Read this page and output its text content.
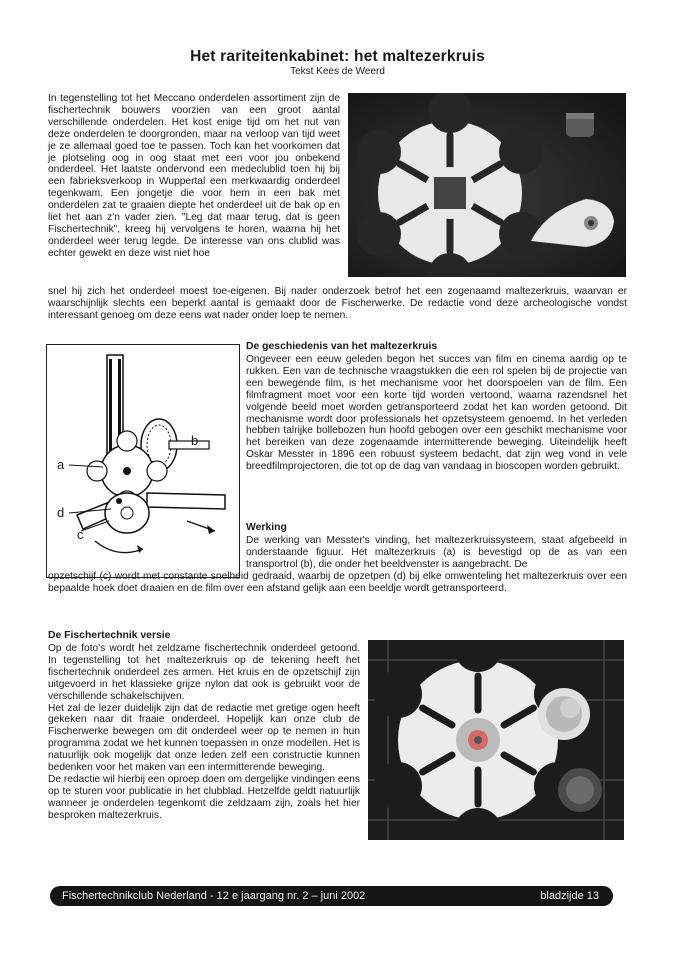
Het rariteitenkabinet: het maltezerkruis
Tekst Kees de Weerd

In tegenstelling tot het Meccano onderdelen assortiment zijn de fischertechnik bouwers voorzien van een groot aantal verschillende onderdelen. Het kost enige tijd om het nut van deze onderdelen te doorgronden, maar na verloop van tijd weet je ze allemaal goed toe te passen. Toch kan het voorkomen dat je plotseling oog in oog staat met een voor jou onbekend onderdeel. Het laatste ondervond een medeclublid toen hij bij een fabrieksverkoop in Wuppertal een merkwaardig onderdeel tegenkwam. Een jongetje die voor hem in een bak met onderdelen zat te graaien diepte het onderdeel uit de bak op en liet het aan z'n vader zien. "Leg dat maar terug, dat is geen Fischertechnik", kreeg hij vervolgens te horen, waarna hij het onderdeel weer terug legde. De interesse van ons clublid was echter gewekt en deze wist niet hoe

snel hij zich het onderdeel moest toe-eigenen. Bij nader onderzoek betrof het een zogenaamd maltezerkruis, waarvan er waarschijnlijk slechts een beperkt aantal is gemaakt door de Fischerwerke. De redactie vond deze archeologische vondst interessant genoeg om deze eens wat nader onder loep te nemen.

a
b
c
d

De geschiedenis van het maltezerkruis

Ongeveer een eeuw geleden begon het succes van film en cinema aardig op te rukken. Een van de technische vraagstukken die een rol spelen bij de projectie van een bewegende film, is het mechanisme voor het doorspoelen van de film. Een filmfragment moet voor een korte tijd worden vertoond, waarna razendsnel het volgende beeld moet worden getransporteerd zodat het kan worden getoond. Dit mechanisme wordt door professionals het opzetsysteem genoemd. In het verleden hebben talrijke bollebozen hun hoofd gebogen over een geschikt mechanisme voor het bereiken van deze zogenaamde intermitterende beweging. Uiteindelijk heeft Oskar Messter in 1896 een robuust systeem bedacht, dat zijn weg vond in vele breedfilmprojectoren, die tot op de dag van vandaag in bioscopen worden gebruikt.

Werking

De werking van Messter's vinding, het maltezerkruissysteem, staat afgebeeld in onderstaande figuur. Het maltezerkruis (a) is bevestigd op de as van een transportrol (b), die onder het beeldvenster is aangebracht. De

opzetschijf (c) wordt met constante snelheid gedraaid, waarbij de opzetpen (d) bij elke omwenteling het maltezerkruis over een bepaalde hoek doet draaien en de film over een afstand gelijk aan een beeldje wordt getransporteerd.

De Fischertechnik versie

Op de foto's wordt het zeldzame fischertechnik onderdeel getoond. In tegenstelling tot het maltezerkruis op de tekening heeft het fischertechnik onderdeel zes armen. Het kruis en de opzetschijf zijn uitgevoerd in het klassieke grijze nylon dat ook is gebruikt voor de verschillende schakelschijven.

Het zal de lezer duidelijk zijn dat de redactie met gretige ogen heeft gekeken naar dit fraaie onderdeel. Hopelijk kan onze club de Fischerwerke bewegen om dit onderdeel weer op te nemen in hun programma zodat we het kunnen toepassen in onze modellen. Het is natuurlijk ook mogelijk dat onze leden zelf een constructie kunnen bedenken voor het maken van een intermitterende beweging.

De redactie wil hierbij een oproep doen om dergelijke vindingen eens op te sturen voor publicatie in het clubblad. Hetzelfde geldt natuurlijk wanneer je onderdelen tegenkomt die zeldzaam zijn, zoals het hier besproken maltezerkruis.

Fischertechnikclub Nederland - 12 e jaargang nr. 2 – juni 2002	bladzijde 13
